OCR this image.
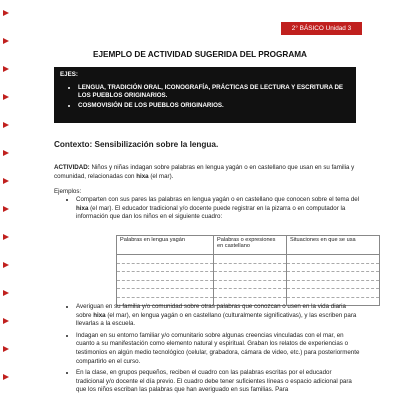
2° BÁSICO Unidad 3
EJEMPLO DE ACTIVIDAD SUGERIDA DEL PROGRAMA
EJES:
• LENGUA, TRADICIÓN ORAL, ICONOGRAFÍA, PRÁCTICAS DE LECTURA Y ESCRITURA DE LOS PUEBLOS ORIGINARIOS.
• COSMOVISIÓN DE LOS PUEBLOS ORIGINARIOS.
Contexto: Sensibilización sobre la lengua.
ACTIVIDAD: Niños y niñas indagan sobre palabras en lengua yagán o en castellano que usan en su familia y comunidad, relacionadas con hixa (el mar).
Ejemplos:
• Comparten con sus pares las palabras en lengua yagán o en castellano que conocen sobre el tema del hixa (el mar). El educador tradicional y/o docente puede registrar en la pizarra o en computador la información que dan los niños en el siguiente cuadro:
Palabras en lengua yagán	Palabras o expresiones en castellano	Situaciones en que se usa

• Averiguan en su familia y/o comunidad sobre otras palabras que conozcan o usen en la vida diaria sobre hixa (el mar), en lengua yagán o en castellano (culturalmente significativas), y las escriben para llevarlas a la escuela.
• Indagan en su entorno familiar y/o comunitario sobre algunas creencias vinculadas con el mar, en cuanto a su manifestación como elemento natural y espiritual. Graban los relatos de experiencias o testimonios en algún medio tecnológico (celular, grabadora, cámara de video, etc.) para posteriormente compartirlo en el curso.
• En la clase, en grupos pequeños, reciben el cuadro con las palabras escritas por el educador tradicional y/o docente el día previo. El cuadro debe tener suficientes líneas o espacio adicional para que los niños escriban las palabras que han averiguado en sus familias. Para
